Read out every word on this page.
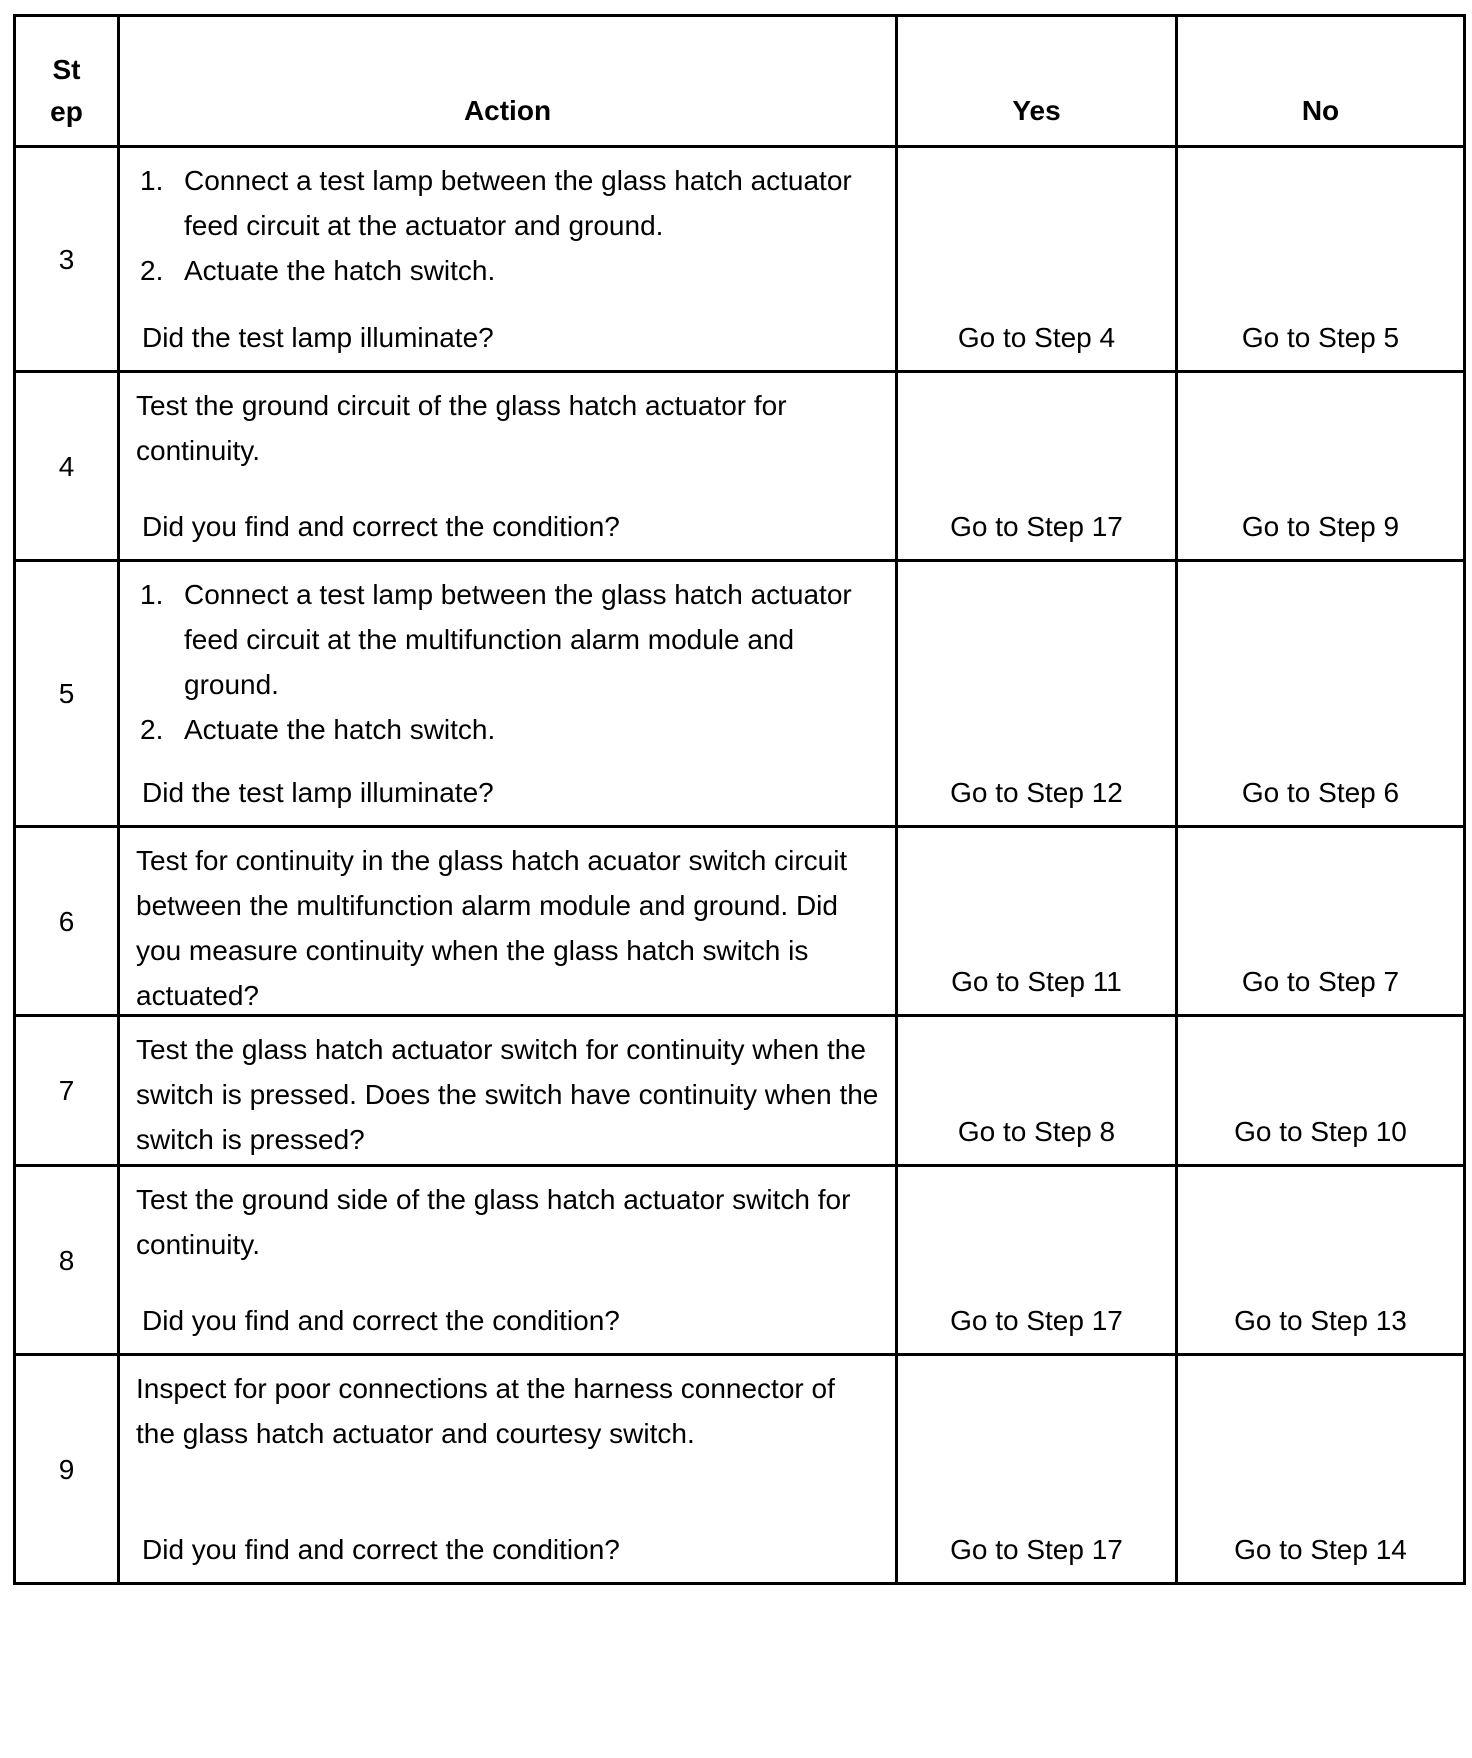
St
ep	Action	Yes	No
3	1. Connect a test lamp between the glass hatch actuator feed circuit at the actuator and ground.
2. Actuate the hatch switch.
Did the test lamp illuminate?	Go to Step 4	Go to Step 5
4	Test the ground circuit of the glass hatch actuator for continuity.
Did you find and correct the condition?	Go to Step 17	Go to Step 9
5	1. Connect a test lamp between the glass hatch actuator feed circuit at the multifunction alarm module and ground.
2. Actuate the hatch switch.
Did the test lamp illuminate?	Go to Step 12	Go to Step 6
6	Test for continuity in the glass hatch acuator switch circuit between the multifunction alarm module and ground. Did you measure continuity when the glass hatch switch is actuated?	Go to Step 11	Go to Step 7
7	Test the glass hatch actuator switch for continuity when the switch is pressed. Does the switch have continuity when the switch is pressed?	Go to Step 8	Go to Step 10
8	Test the ground side of the glass hatch actuator switch for continuity.
Did you find and correct the condition?	Go to Step 17	Go to Step 13
9	Inspect for poor connections at the harness connector of the glass hatch actuator and courtesy switch.
Did you find and correct the condition?	Go to Step 17	Go to Step 14
